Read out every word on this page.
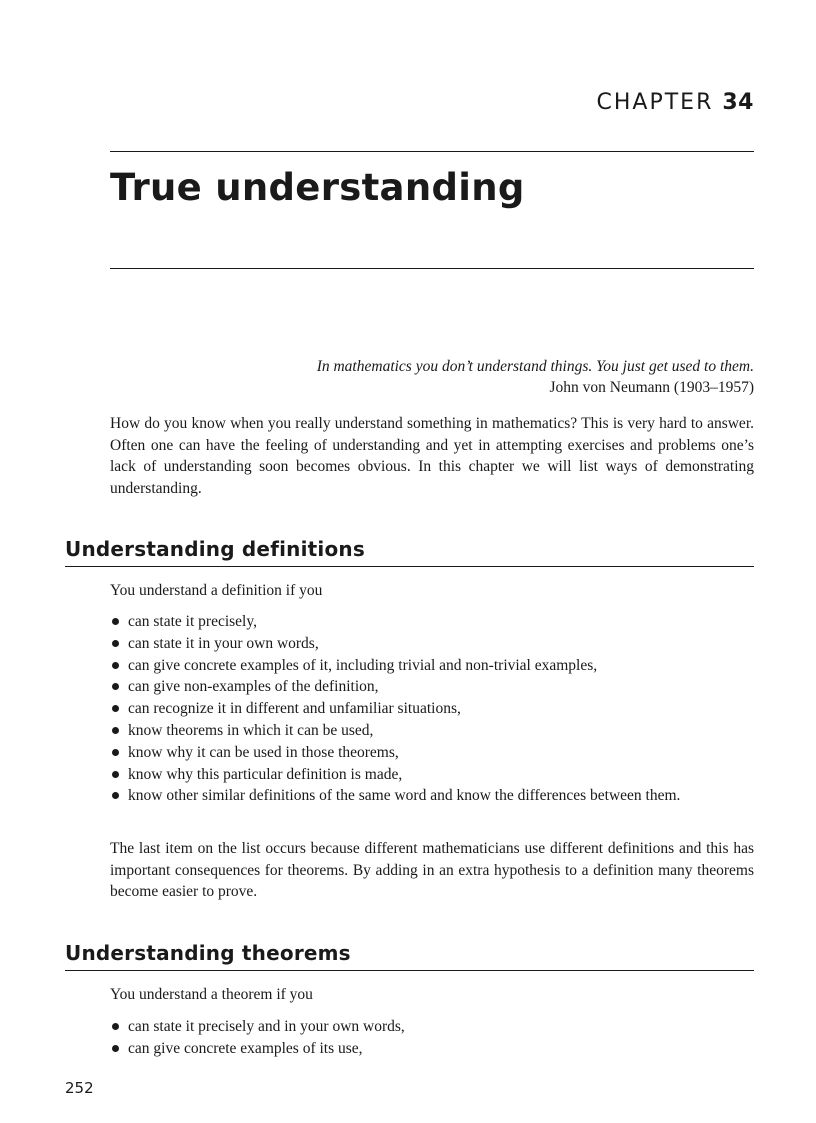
CHAPTER 34
True understanding
In mathematics you don’t understand things. You just get used to them.
John von Neumann (1903–1957)

How do you know when you really understand something in mathematics? This is very hard to answer. Often one can have the feeling of understanding and yet in attempting exercises and problems one’s lack of understanding soon becomes obvious. In this chapter we will list ways of demonstrating understanding.

Understanding definitions

You understand a definition if you

can state it precisely,
can state it in your own words,
can give concrete examples of it, including trivial and non-trivial examples,
can give non-examples of the definition,
can recognize it in different and unfamiliar situations,
know theorems in which it can be used,
know why it can be used in those theorems,
know why this particular definition is made,
know other similar definitions of the same word and know the differences between them.

The last item on the list occurs because different mathematicians use different definitions and this has important consequences for theorems. By adding in an extra hypothesis to a definition many theorems become easier to prove.

Understanding theorems

You understand a theorem if you

can state it precisely and in your own words,
can give concrete examples of its use,
252
